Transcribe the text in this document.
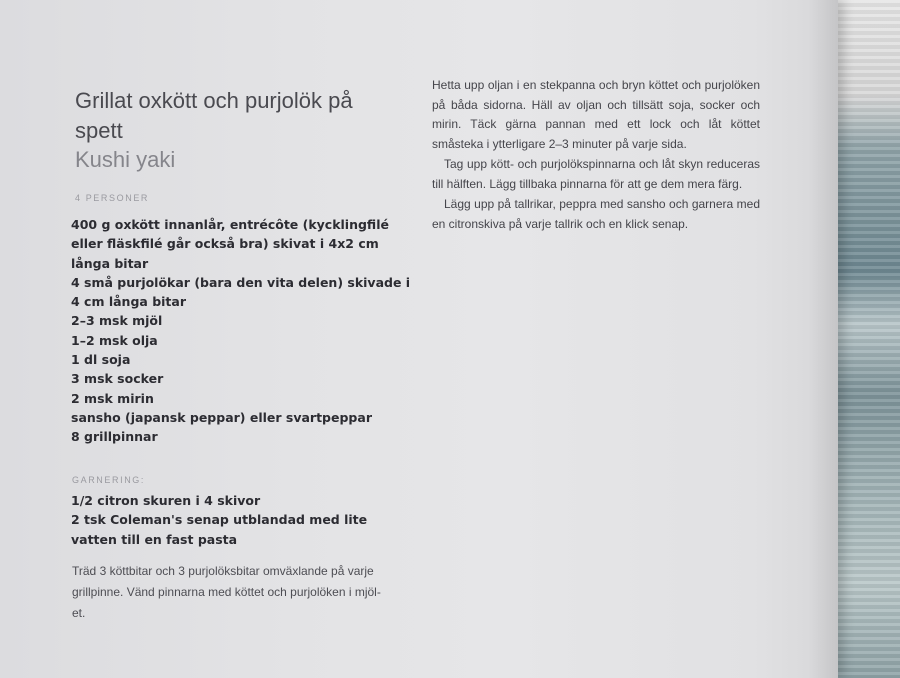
Grillat oxkött och purjolök på spett
Kushi yaki
4 PERSONER
400 g oxkött innanlår, entrécôte (kycklingfilé
eller fläskfilé går också bra) skivat i 4x2 cm
långa bitar
4 små purjolökar (bara den vita delen) skivade i
4 cm långa bitar
2–3 msk mjöl
1–2 msk olja
1 dl soja
3 msk socker
2 msk mirin
sansho (japansk peppar) eller svartpeppar
8 grillpinnar
GARNERING:
1/2 citron skuren i 4 skivor
2 tsk Coleman's senap utblandad med lite
vatten till en fast pasta
Träd 3 köttbitar och 3 purjolöksbitar omväxlande på varje grillpinne. Vänd pinnarna med köttet och purjolöken i mjöl-et.

Hetta upp oljan i en stekpanna och bryn köttet och purjolöken på båda sidorna. Häll av oljan och tillsätt soja, socker och mirin. Täck gärna pannan med ett lock och låt köttet småsteka i ytterligare 2–3 minuter på varje sida.

Tag upp kött- och purjolökspinnarna och låt skyn reduceras till hälften. Lägg tillbaka pinnarna för att ge dem mera färg.

Lägg upp på tallrikar, peppra med sansho och garnera med en citronskiva på varje tallrik och en klick senap.
